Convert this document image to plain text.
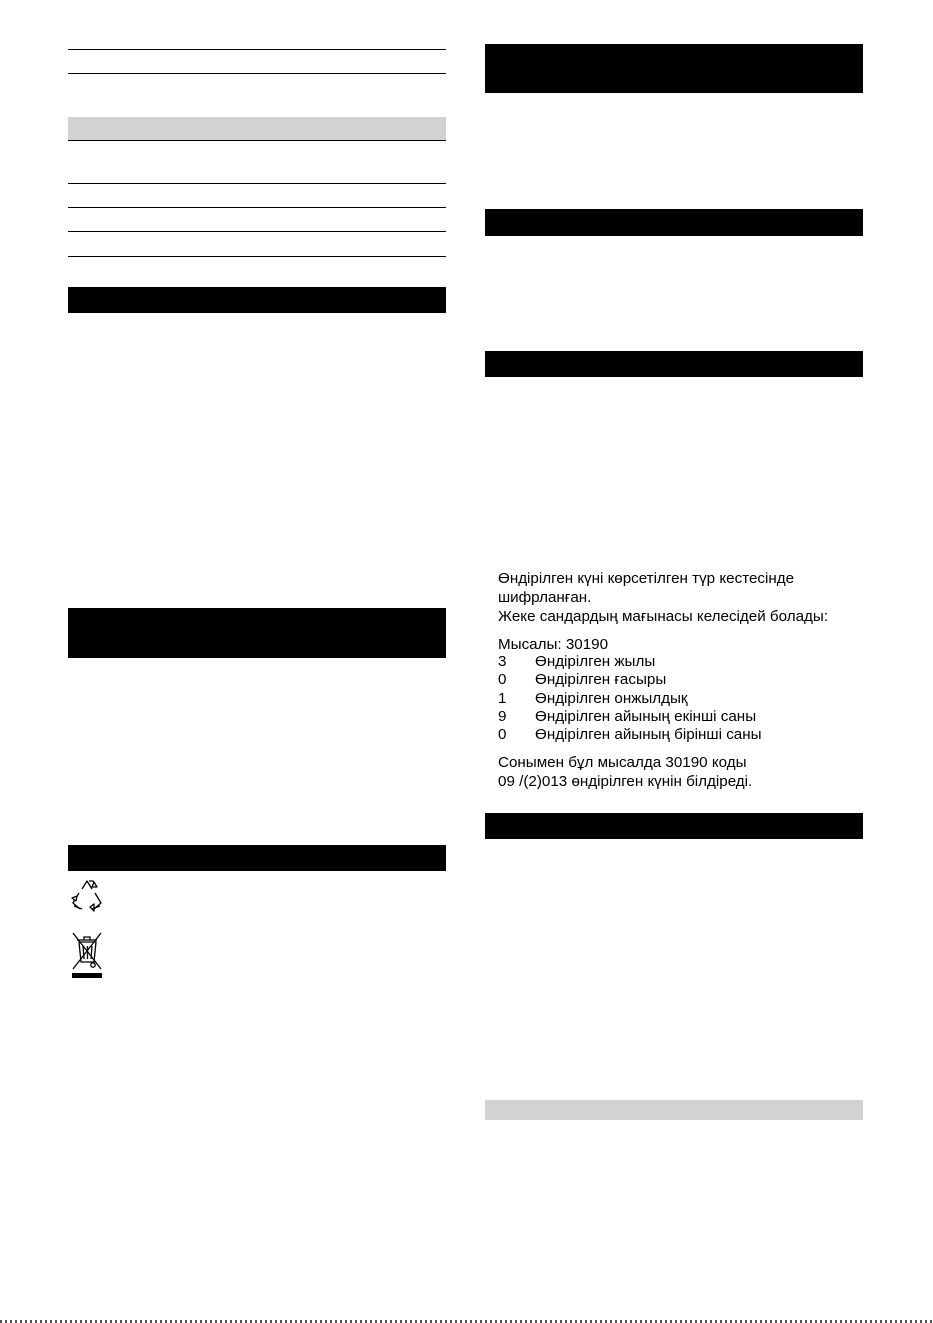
Өндірілген күні көрсетілген түр кестесінде

шифрланған.

Жеке сандардың мағынасы келесідей болады:

Мысалы: 30190

3 Өндірілген жылы
0 Өндірілген ғасыры
1 Өндірілген онжылдық
9 Өндірілген айының екінші саны
0 Өндірілген айының бірінші саны

Сонымен бұл мысалда 30190 коды

09 /(2)013 өндірілген күнін білдіреді.
